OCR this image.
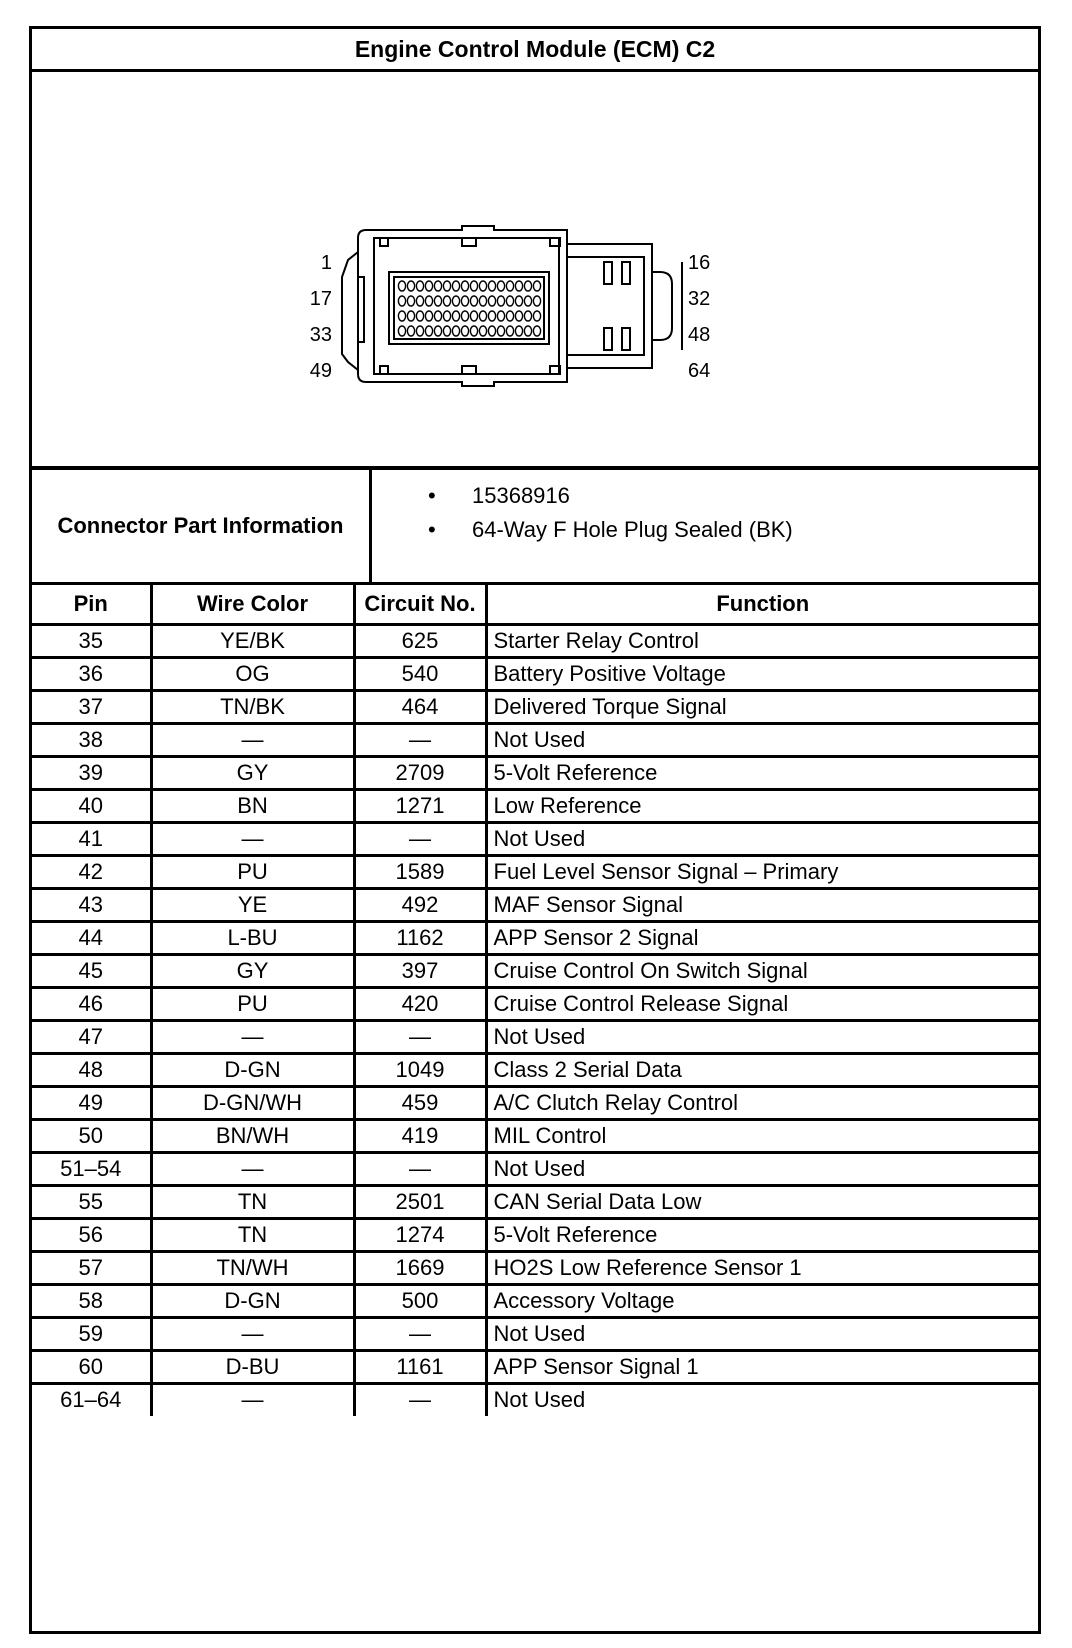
Engine Control Module (ECM) C2
1
17
33
49
16
32
48
64
Connector Part Information
• 15368916
• 64-Way F Hole Plug Sealed (BK)
Pin	Wire Color	Circuit No.	Function
35	YE/BK	625	Starter Relay Control
36	OG	540	Battery Positive Voltage
37	TN/BK	464	Delivered Torque Signal
38	—	—	Not Used
39	GY	2709	5-Volt Reference
40	BN	1271	Low Reference
41	—	—	Not Used
42	PU	1589	Fuel Level Sensor Signal – Primary
43	YE	492	MAF Sensor Signal
44	L-BU	1162	APP Sensor 2 Signal
45	GY	397	Cruise Control On Switch Signal
46	PU	420	Cruise Control Release Signal
47	—	—	Not Used
48	D-GN	1049	Class 2 Serial Data
49	D-GN/WH	459	A/C Clutch Relay Control
50	BN/WH	419	MIL Control
51–54	—	—	Not Used
55	TN	2501	CAN Serial Data Low
56	TN	1274	5-Volt Reference
57	TN/WH	1669	HO2S Low Reference Sensor 1
58	D-GN	500	Accessory Voltage
59	—	—	Not Used
60	D-BU	1161	APP Sensor Signal 1
61–64	—	—	Not Used
